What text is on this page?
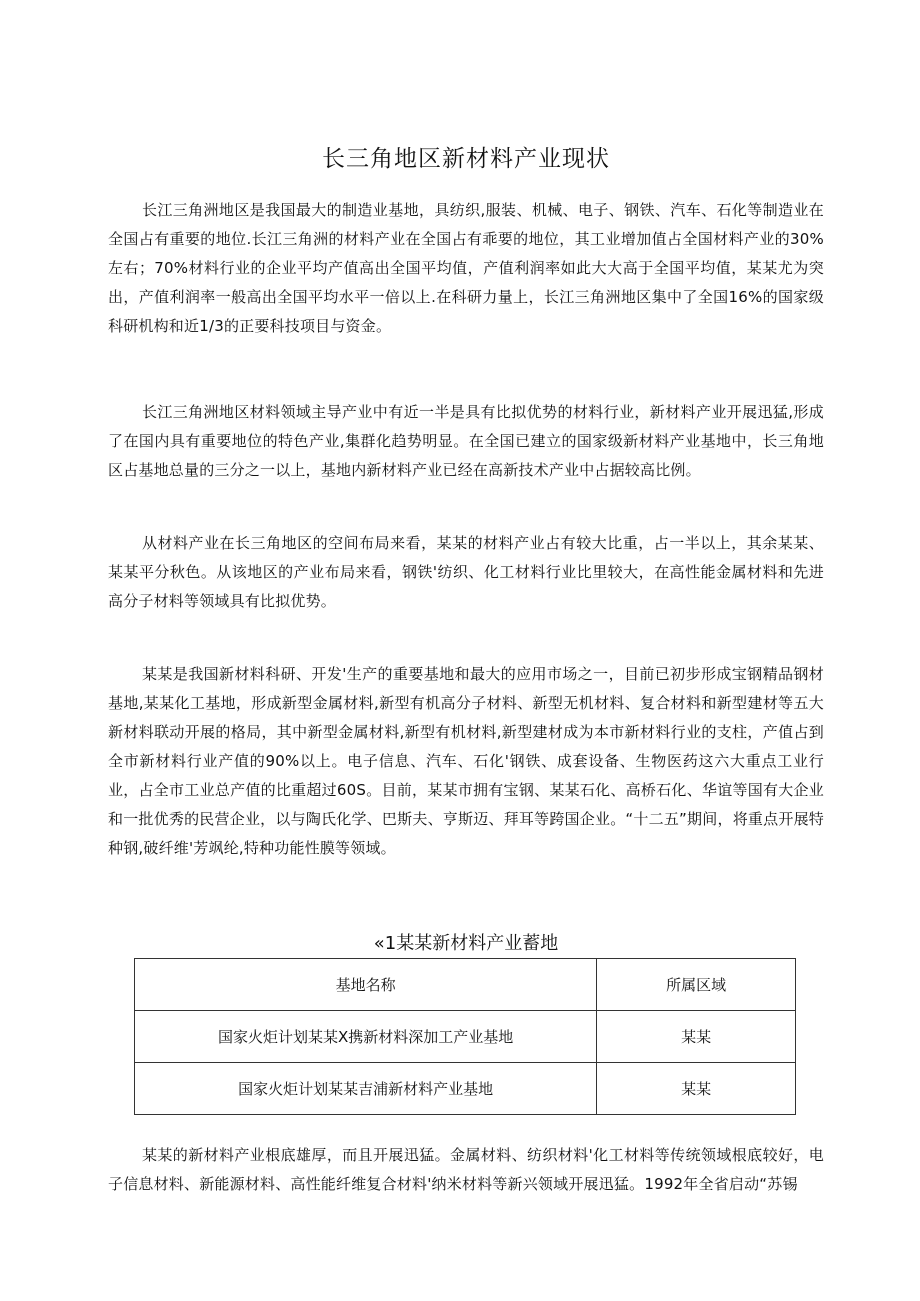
长三角地区新材料产业现状

长江三角洲地区是我国最大的制造业基地，具纺织,服装、机械、电子、钢铁、汽车、石化等制造业在全国占有重要的地位.长江三角洲的材料产业在全国占有乖要的地位，其工业增加值占全国材料产业的30%左右；70%材料行业的企业平均产值高出全国平均值，产值利润率如此大大高于全国平均值，某某尤为突出，产值利润率一般高出全国平均水平一倍以上.在科研力量上，长江三角洲地区集中了全国16%的国家级科研机构和近1/3的正要科技项目与资金。

长江三角洲地区材料领域主导产业中有近一半是具有比拟优势的材料行业，新材料产业开展迅猛,形成了在国内具有重要地位的特色产业,集群化趋势明显。在全国已建立的国家级新材料产业基地中，长三角地区占基地总量的三分之一以上，基地内新材料产业已经在高新技术产业中占据较高比例。

从材料产业在长三角地区的空间布局来看，某某的材料产业占有较大比重，占一半以上，其余某某、某某平分秋色。从该地区的产业布局来看，钢铁'纺织、化工材料行业比里较大，在高性能金属材料和先进高分子材料等领域具有比拟优势。

某某是我国新材料科研、开发'生产的重要基地和最大的应用市场之一，目前已初步形成宝钢精品钢材基地,某某化工基地，形成新型金属材料,新型有机高分子材料、新型无机材料、复合材料和新型建材等五大新材料联动开展的格局，其中新型金属材料,新型有机材料,新型建材成为本市新材料行业的支柱，产值占到全市新材料行业产值的90%以上。电子信息、汽车、石化'钢铁、成套设备、生物医药这六大重点工业行业，占全市工业总产值的比重超过60S。目前，某某市拥有宝钢、某某石化、高桥石化、华谊等国有大企业和一批优秀的民营企业，以与陶氏化学、巴斯夫、亨斯迈、拜耳等跨国企业。“十二五”期间，将重点开展特种钢,破纤维'芳飒纶,特种功能性膜等领域。

«1某某新材料产业蓄地
基地名称	所属区域
国家火炬计划某某X携新材料深加工产业基地	某某
国家火炬计划某某吉浦新材料产业基地	某某

某某的新材料产业根底雄厚，而且开展迅猛。金属材料、纺织材料'化工材料等传统领域根底较好，电子信息材料、新能源材料、高性能纤维复合材料'纳米材料等新兴领域开展迅猛。1992年全省启动“苏锡
